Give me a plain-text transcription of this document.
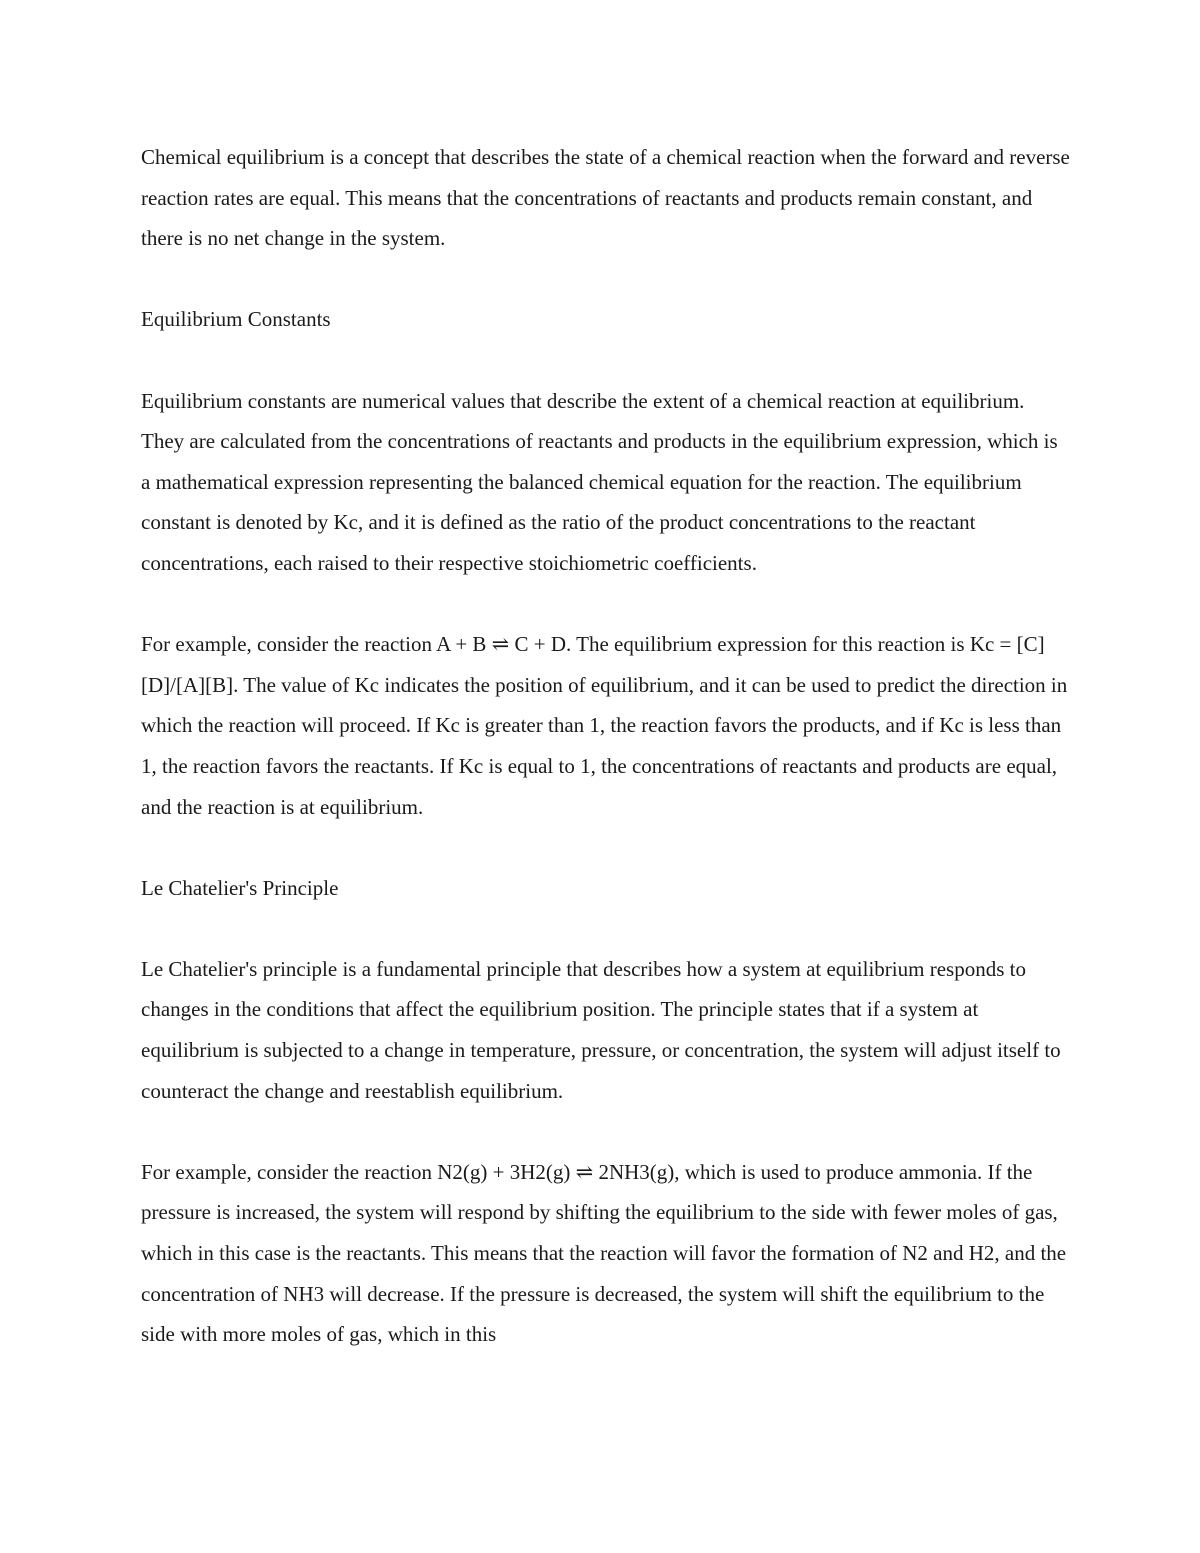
Chemical equilibrium is a concept that describes the state of a chemical reaction when the forward and reverse reaction rates are equal. This means that the concentrations of reactants and products remain constant, and there is no net change in the system.

Equilibrium Constants

Equilibrium constants are numerical values that describe the extent of a chemical reaction at equilibrium. They are calculated from the concentrations of reactants and products in the equilibrium expression, which is a mathematical expression representing the balanced chemical equation for the reaction. The equilibrium constant is denoted by Kc, and it is defined as the ratio of the product concentrations to the reactant concentrations, each raised to their respective stoichiometric coefficients.

For example, consider the reaction A + B ⇌ C + D. The equilibrium expression for this reaction is Kc = [C][D]/[A][B]. The value of Kc indicates the position of equilibrium, and it can be used to predict the direction in which the reaction will proceed. If Kc is greater than 1, the reaction favors the products, and if Kc is less than 1, the reaction favors the reactants. If Kc is equal to 1, the concentrations of reactants and products are equal, and the reaction is at equilibrium.

Le Chatelier's Principle

Le Chatelier's principle is a fundamental principle that describes how a system at equilibrium responds to changes in the conditions that affect the equilibrium position. The principle states that if a system at equilibrium is subjected to a change in temperature, pressure, or concentration, the system will adjust itself to counteract the change and reestablish equilibrium.

For example, consider the reaction N2(g) + 3H2(g) ⇌ 2NH3(g), which is used to produce ammonia. If the pressure is increased, the system will respond by shifting the equilibrium to the side with fewer moles of gas, which in this case is the reactants. This means that the reaction will favor the formation of N2 and H2, and the concentration of NH3 will decrease. If the pressure is decreased, the system will shift the equilibrium to the side with more moles of gas, which in this
